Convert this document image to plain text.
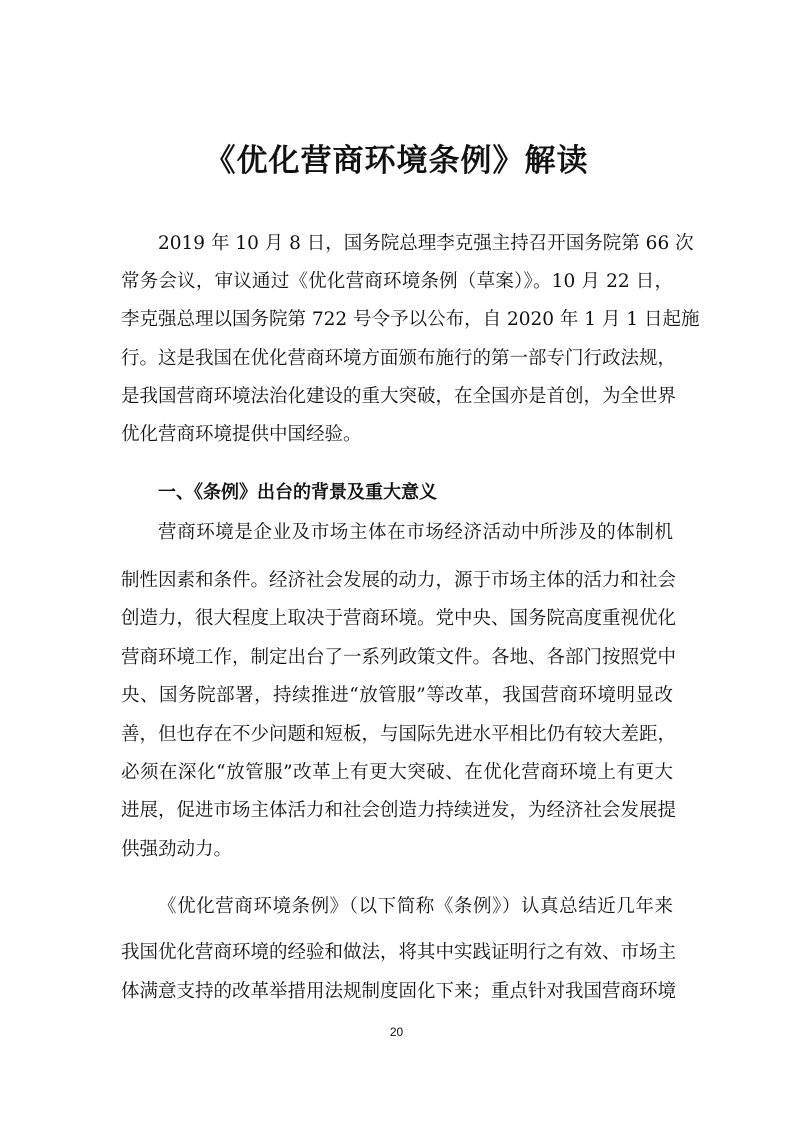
《优化营商环境条例》解读

2019 年 10 月 8 日，国务院总理李克强主持召开国务院第 66 次

常务会议，审议通过《优化营商环境条例（草案）》。10 月 22 日，

李克强总理以国务院第 722 号令予以公布，自 2020 年 1 月 1 日起施

行。这是我国在优化营商环境方面颁布施行的第一部专门行政法规，

是我国营商环境法治化建设的重大突破，在全国亦是首创，为全世界

优化营商环境提供中国经验。

一、《条例》出台的背景及重大意义

营商环境是企业及市场主体在市场经济活动中所涉及的体制机

制性因素和条件。经济社会发展的动力，源于市场主体的活力和社会

创造力，很大程度上取决于营商环境。党中央、国务院高度重视优化

营商环境工作，制定出台了一系列政策文件。各地、各部门按照党中

央、国务院部署，持续推进“放管服”等改革，我国营商环境明显改

善，但也存在不少问题和短板，与国际先进水平相比仍有较大差距，

必须在深化“放管服”改革上有更大突破、在优化营商环境上有更大

进展，促进市场主体活力和社会创造力持续迸发，为经济社会发展提

供强劲动力。

《优化营商环境条例》（以下简称《条例》）认真总结近几年来

我国优化营商环境的经验和做法，将其中实践证明行之有效、市场主

体满意支持的改革举措用法规制度固化下来；重点针对我国营商环境

20
